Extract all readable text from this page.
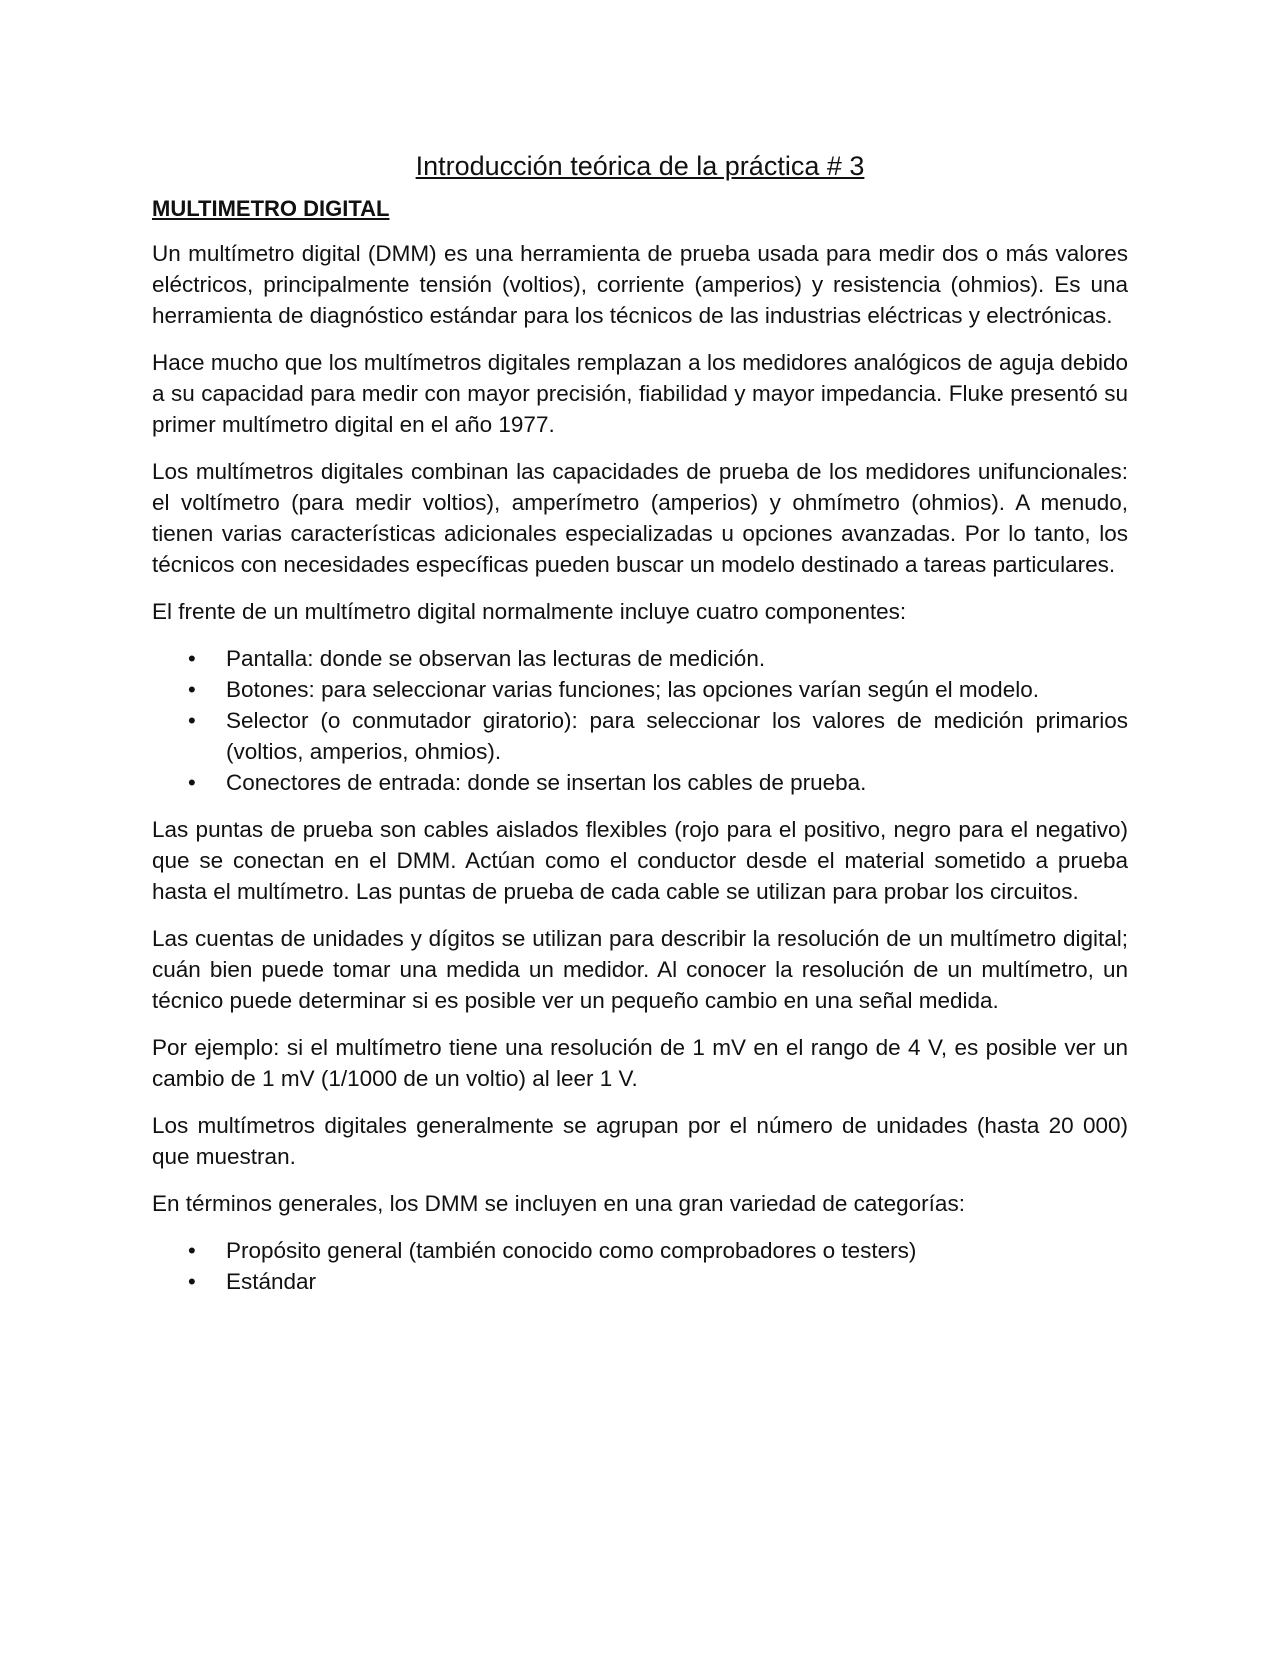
Introducción teórica de la práctica # 3
MULTIMETRO DIGITAL

Un multímetro digital (DMM) es una herramienta de prueba usada para medir dos o más valores eléctricos, principalmente tensión (voltios), corriente (amperios) y resistencia (ohmios). Es una herramienta de diagnóstico estándar para los técnicos de las industrias eléctricas y electrónicas.

Hace mucho que los multímetros digitales remplazan a los medidores analógicos de aguja debido a su capacidad para medir con mayor precisión, fiabilidad y mayor impedancia. Fluke presentó su primer multímetro digital en el año 1977.

Los multímetros digitales combinan las capacidades de prueba de los medidores unifuncionales: el voltímetro (para medir voltios), amperímetro (amperios) y ohmímetro (ohmios). A menudo, tienen varias características adicionales especializadas u opciones avanzadas. Por lo tanto, los técnicos con necesidades específicas pueden buscar un modelo destinado a tareas particulares.

El frente de un multímetro digital normalmente incluye cuatro componentes:

• Pantalla: donde se observan las lecturas de medición.
• Botones: para seleccionar varias funciones; las opciones varían según el modelo.
• Selector (o conmutador giratorio): para seleccionar los valores de medición primarios (voltios, amperios, ohmios).
• Conectores de entrada: donde se insertan los cables de prueba.

Las puntas de prueba son cables aislados flexibles (rojo para el positivo, negro para el negativo) que se conectan en el DMM. Actúan como el conductor desde el material sometido a prueba hasta el multímetro. Las puntas de prueba de cada cable se utilizan para probar los circuitos.

Las cuentas de unidades y dígitos se utilizan para describir la resolución de un multímetro digital; cuán bien puede tomar una medida un medidor. Al conocer la resolución de un multímetro, un técnico puede determinar si es posible ver un pequeño cambio en una señal medida.

Por ejemplo: si el multímetro tiene una resolución de 1 mV en el rango de 4 V, es posible ver un cambio de 1 mV (1/1000 de un voltio) al leer 1 V.

Los multímetros digitales generalmente se agrupan por el número de unidades (hasta 20 000) que muestran.

En términos generales, los DMM se incluyen en una gran variedad de categorías:

• Propósito general (también conocido como comprobadores o testers)
• Estándar
